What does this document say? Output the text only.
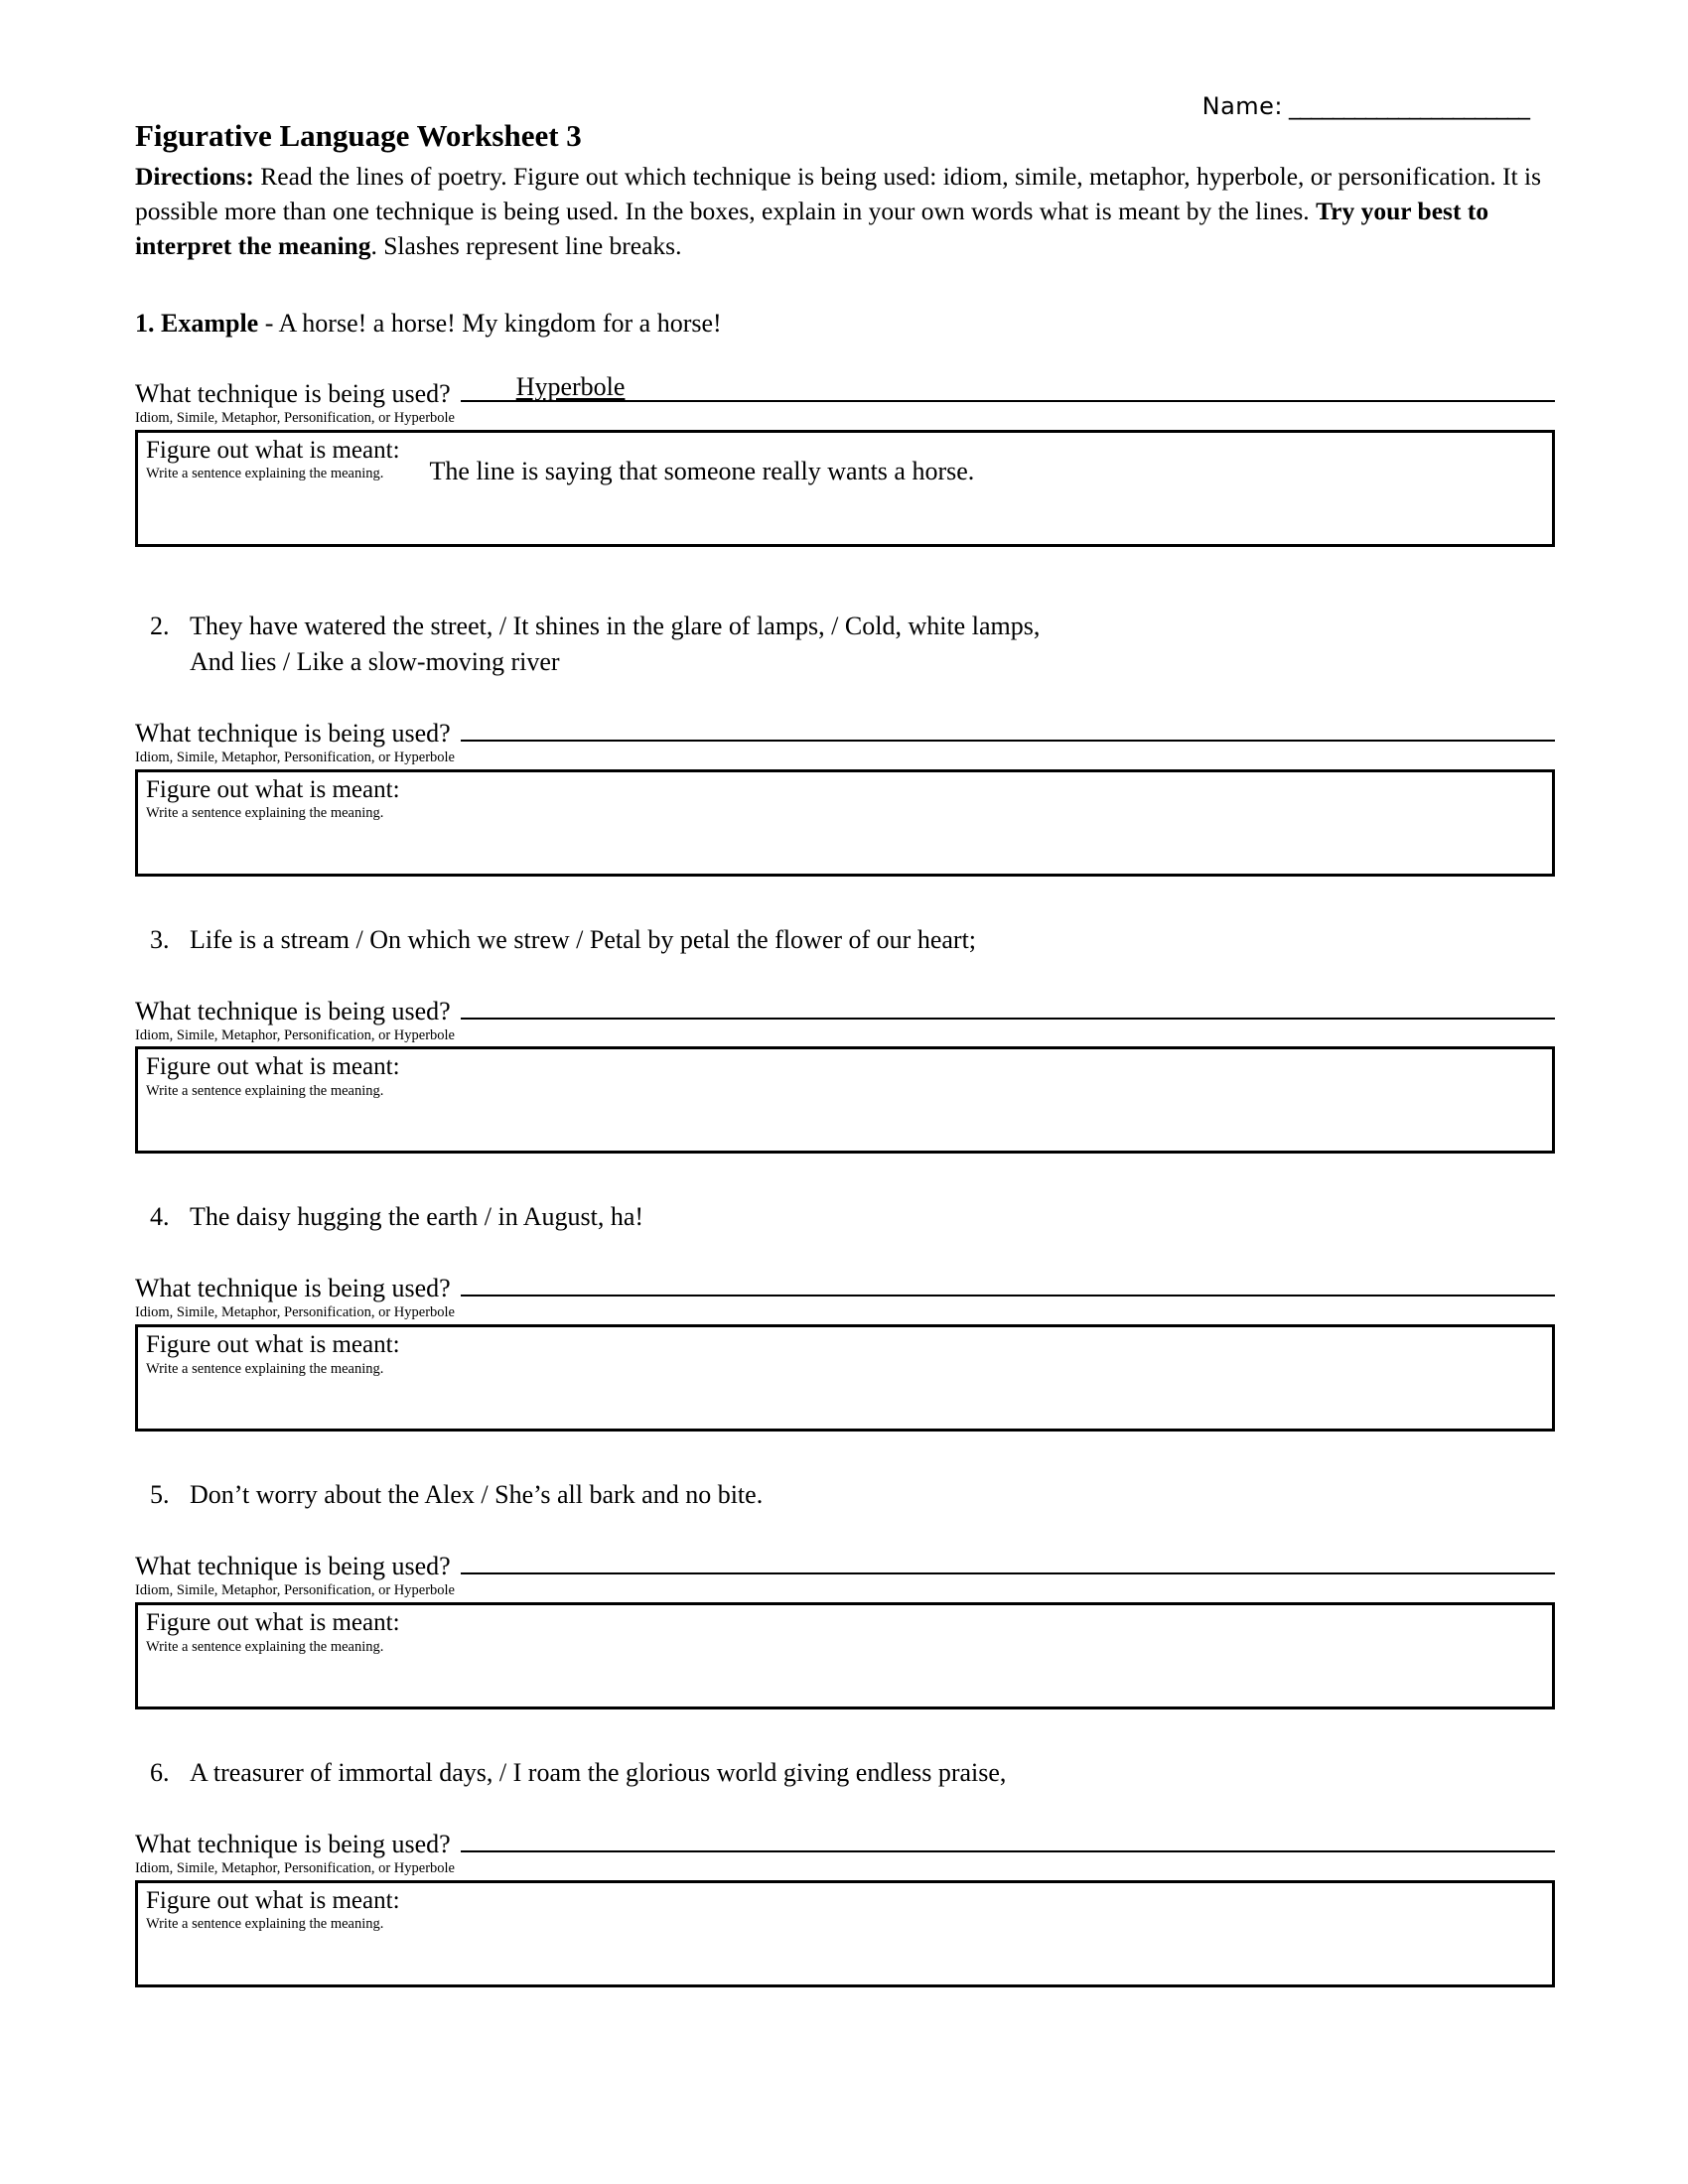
Name: ______________________
Figurative Language Worksheet 3

Directions: Read the lines of poetry. Figure out which technique is being used: idiom, simile, metaphor, hyperbole, or personification. It is possible more than one technique is being used. In the boxes, explain in your own words what is meant by the lines. Try your best to interpret the meaning. Slashes represent line breaks.

1. Example - A horse! a horse! My kingdom for a horse!
What technique is being used?	Hyperbole
Idiom, Simile, Metaphor, Personification, or Hyperbole
Figure out what is meant:
Write a sentence explaining the meaning.	The line is saying that someone really wants a horse.
2. They have watered the street, / It shines in the glare of lamps, / Cold, white lamps,
And lies / Like a slow-moving river
What technique is being used?
Idiom, Simile, Metaphor, Personification, or Hyperbole
Figure out what is meant:
Write a sentence explaining the meaning.
3. Life is a stream / On which we strew / Petal by petal the flower of our heart;
What technique is being used?
Idiom, Simile, Metaphor, Personification, or Hyperbole
Figure out what is meant:
Write a sentence explaining the meaning.
4. The daisy hugging the earth / in August, ha!
What technique is being used?
Idiom, Simile, Metaphor, Personification, or Hyperbole
Figure out what is meant:
Write a sentence explaining the meaning.
5. Don’t worry about the Alex / She’s all bark and no bite.
What technique is being used?
Idiom, Simile, Metaphor, Personification, or Hyperbole
Figure out what is meant:
Write a sentence explaining the meaning.
6. A treasurer of immortal days, / I roam the glorious world giving endless praise,
What technique is being used?
Idiom, Simile, Metaphor, Personification, or Hyperbole
Figure out what is meant:
Write a sentence explaining the meaning.
